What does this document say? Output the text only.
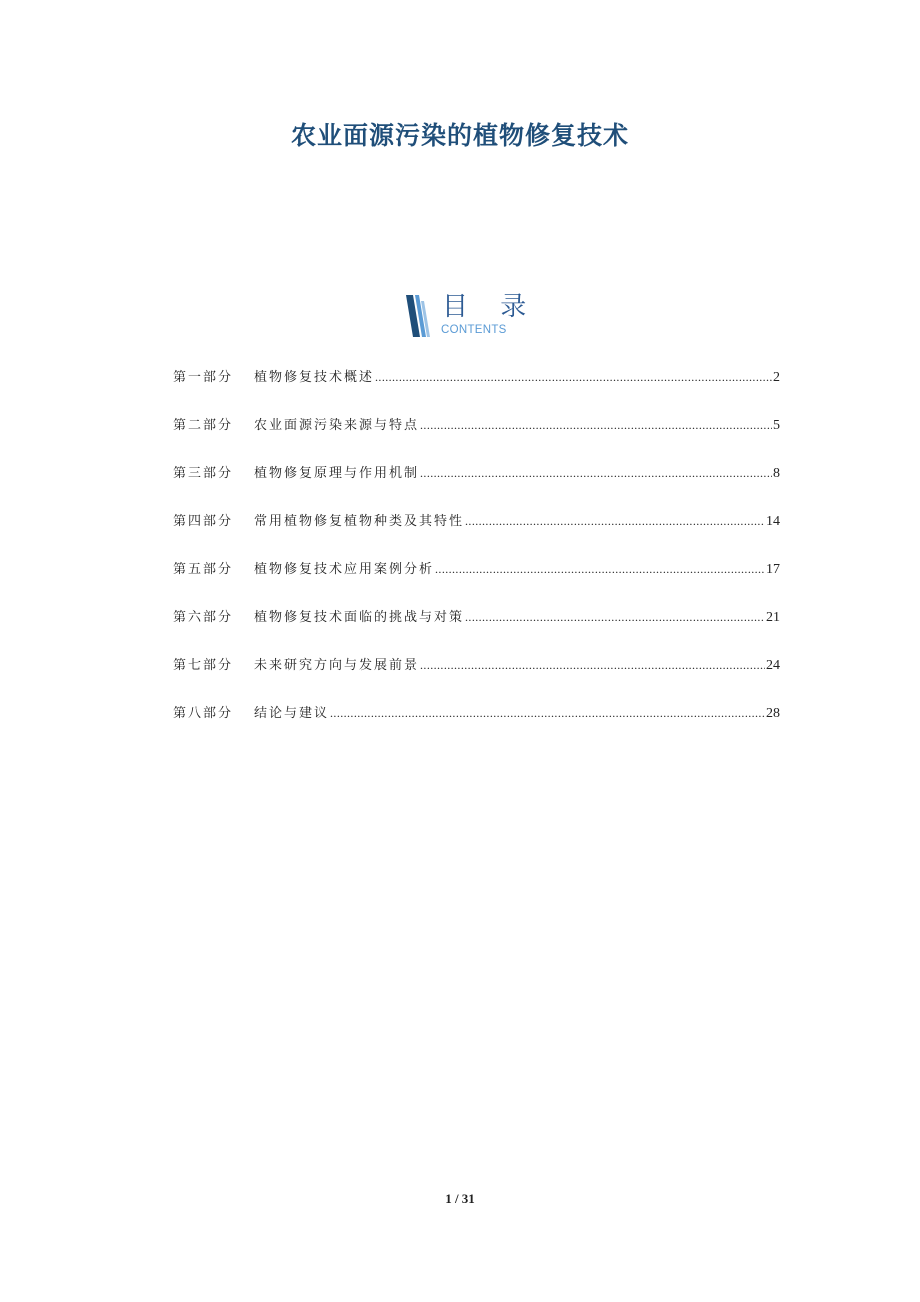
农业面源污染的植物修复技术
目 录
CONTENTS
第一部分	植物修复技术概述 .....	2
第二部分	农业面源污染来源与特点 .....	5
第三部分	植物修复原理与作用机制 .....	8
第四部分	常用植物修复植物种类及其特性 .....	14
第五部分	植物修复技术应用案例分析 .....	17
第六部分	植物修复技术面临的挑战与对策 .....	21
第七部分	未来研究方向与发展前景 .....	24
第八部分	结论与建议 .....	28
1 / 31
